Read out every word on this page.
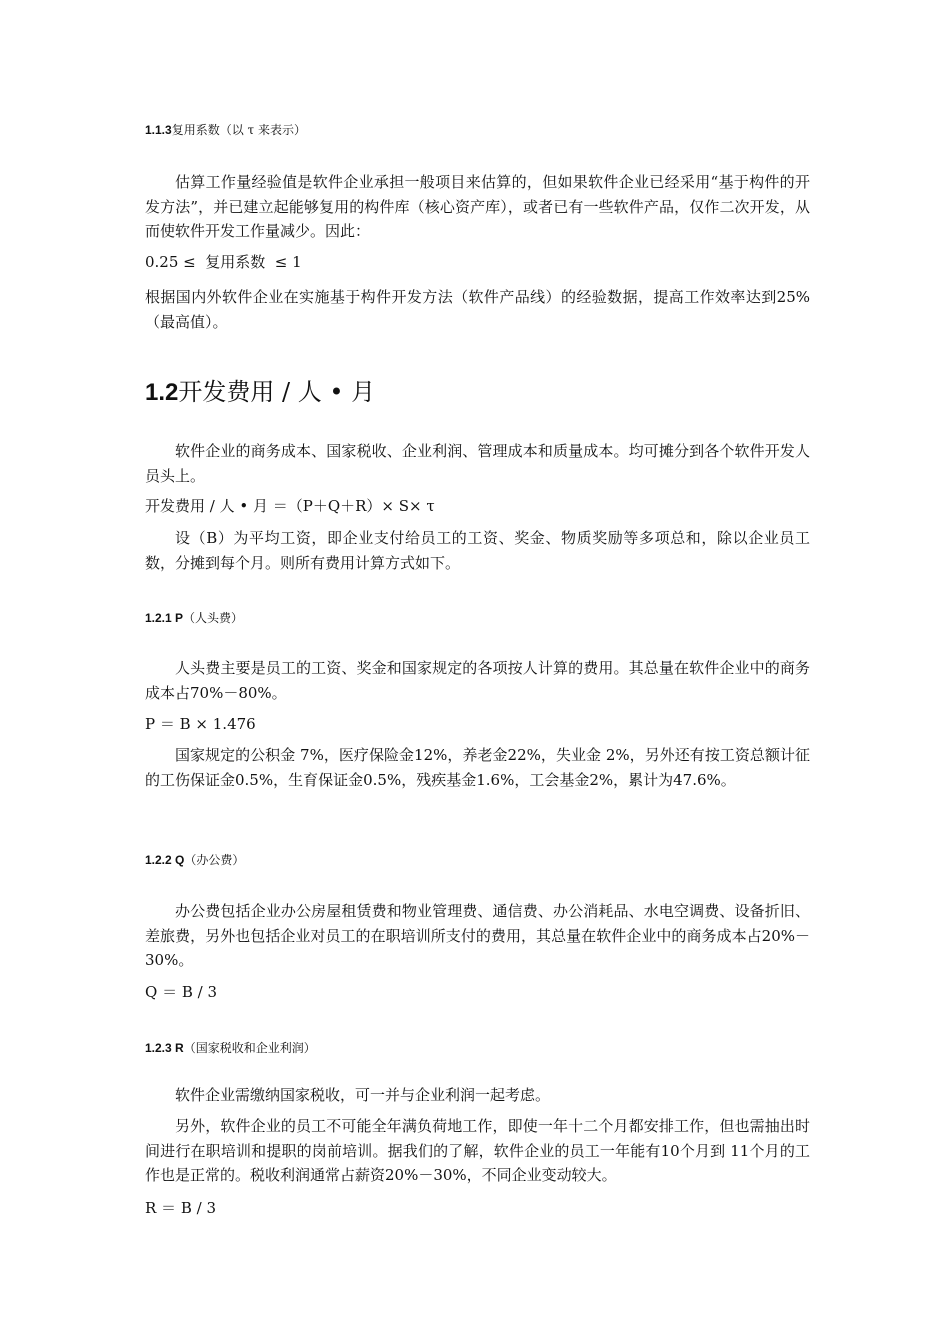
1.1.3复用系数（以 τ 来表示）

估算工作量经验值是软件企业承担一般项目来估算的，但如果软件企业已经采用“基于构件的开发方法”，并已建立起能够复用的构件库（核心资产库），或者已有一些软件产品，仅作二次开发，从而使软件开发工作量减少。因此：

0.25 ≤  复用系数  ≤ 1

根据国内外软件企业在实施基于构件开发方法（软件产品线）的经验数据，提高工作效率达到25%（最高值）。

1.2开发费用 / 人 • 月

软件企业的商务成本、国家税收、企业利润、管理成本和质量成本。均可摊分到各个软件开发人员头上。

开发费用 / 人 • 月 ＝（P＋Q＋R）× S× τ

设（B）为平均工资，即企业支付给员工的工资、奖金、物质奖励等多项总和，除以企业员工数，分摊到每个月。则所有费用计算方式如下。

1.2.1 P（人头费）

人头费主要是员工的工资、奖金和国家规定的各项按人计算的费用。其总量在软件企业中的商务成本占70%－80%。

P ＝ B × 1.476

国家规定的公积金 7%，医疗保险金12%，养老金22%，失业金 2%，另外还有按工资总额计征的工伤保证金0.5%，生育保证金0.5%，残疾基金1.6%，工会基金2%，累计为47.6%。

1.2.2 Q（办公费）

办公费包括企业办公房屋租赁费和物业管理费、通信费、办公消耗品、水电空调费、设备折旧、差旅费，另外也包括企业对员工的在职培训所支付的费用，其总量在软件企业中的商务成本占20%－30%。

Q ＝ B / 3
1.2.3 R（国家税收和企业利润）

软件企业需缴纳国家税收，可一并与企业利润一起考虑。

另外，软件企业的员工不可能全年满负荷地工作，即使一年十二个月都安排工作，但也需抽出时间进行在职培训和提职的岗前培训。据我们的了解，软件企业的员工一年能有10个月到 11个月的工作也是正常的。税收利润通常占薪资20%－30%，不同企业变动较大。

R ＝ B / 3
